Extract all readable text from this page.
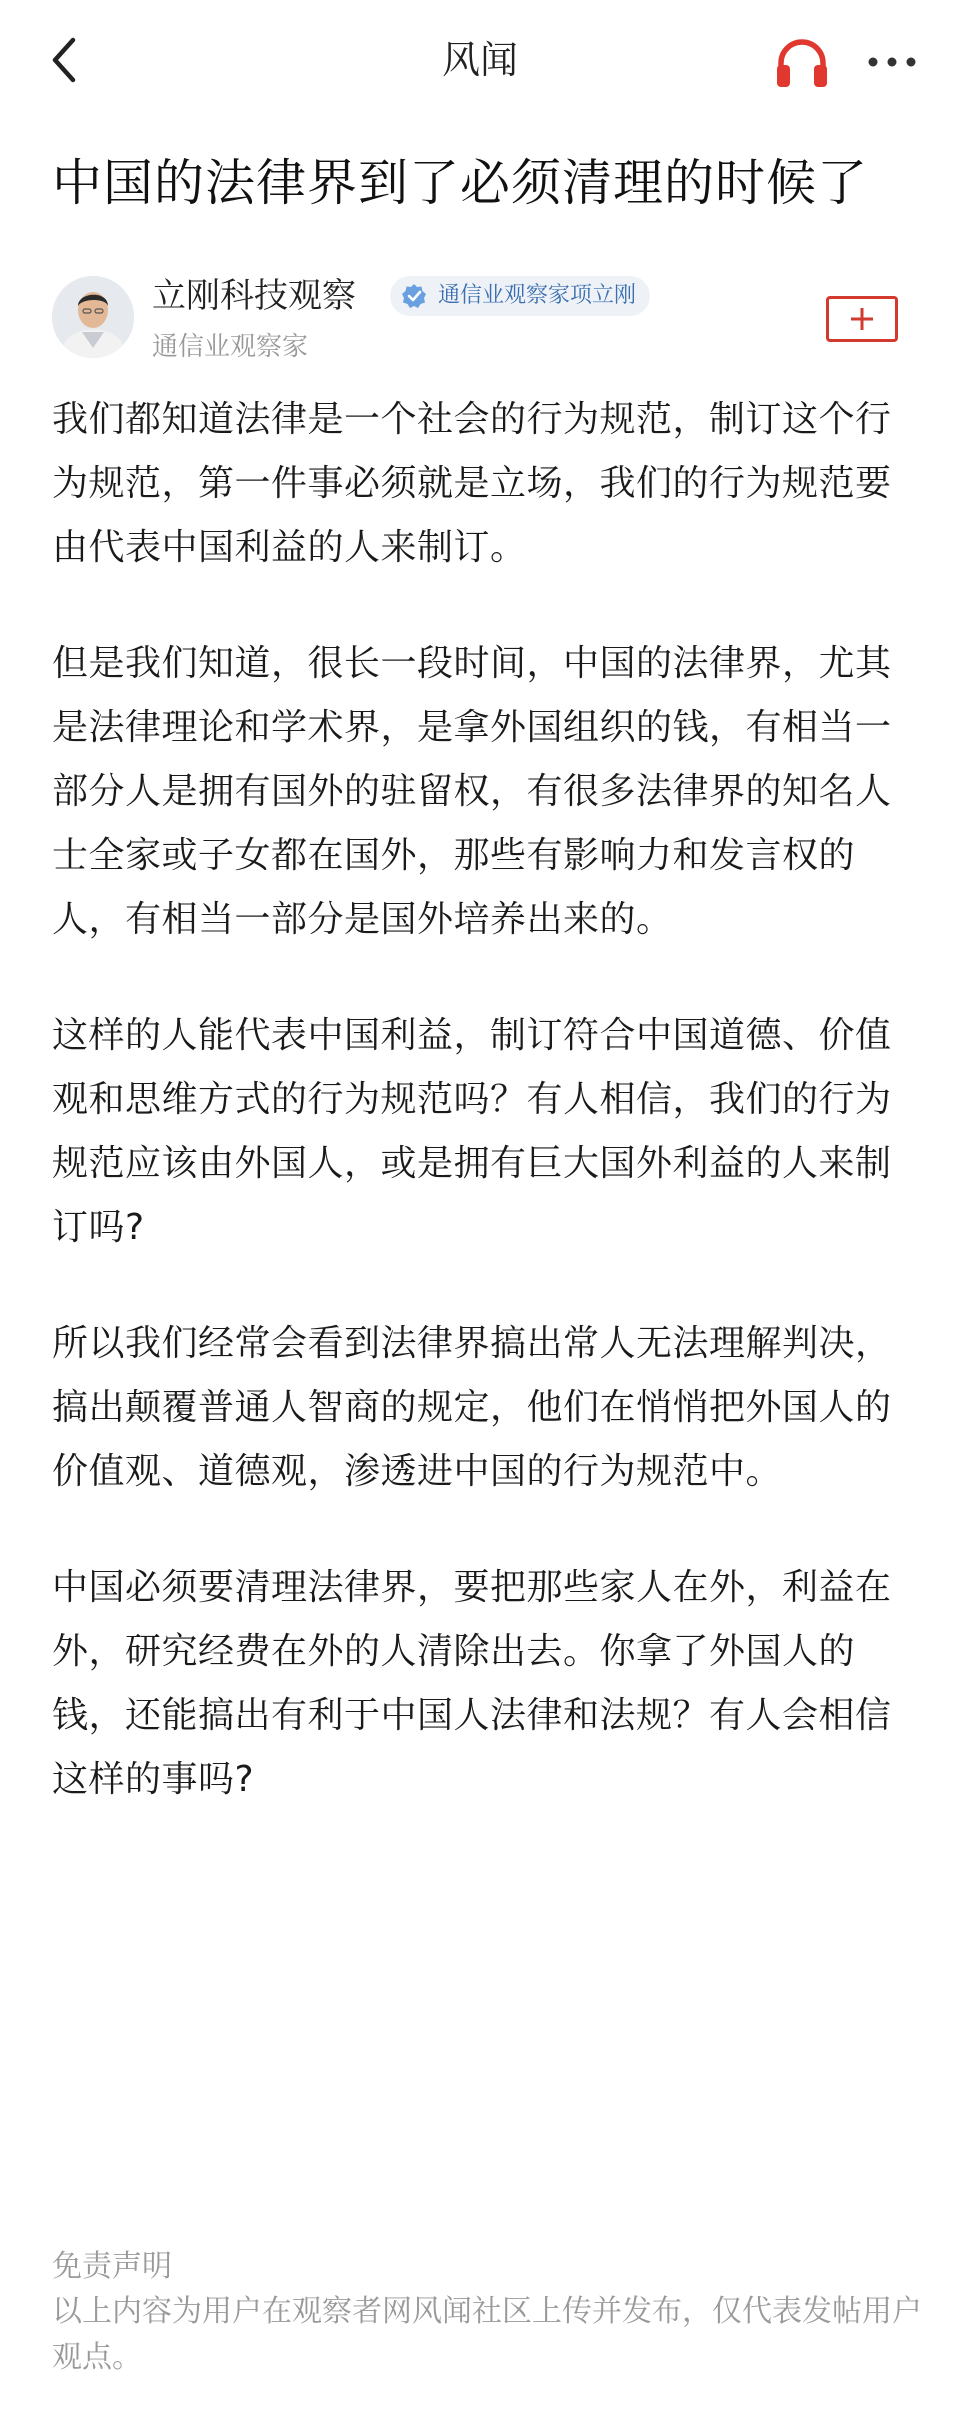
风闻
中国的法律界到了必须清理的时候了
立刚科技观察	通信业观察家项立刚
通信业观察家

我们都知道法律是一个社会的行为规范，制订这个行为规范，第一件事必须就是立场，我们的行为规范要由代表中国利益的人来制订。

但是我们知道，很长一段时间，中国的法律界，尤其是法律理论和学术界，是拿外国组织的钱，有相当一部分人是拥有国外的驻留权，有很多法律界的知名人士全家或子女都在国外，那些有影响力和发言权的人，有相当一部分是国外培养出来的。

这样的人能代表中国利益，制订符合中国道德、价值观和思维方式的行为规范吗？有人相信，我们的行为规范应该由外国人，或是拥有巨大国外利益的人来制订吗?

所以我们经常会看到法律界搞出常人无法理解判决，搞出颠覆普通人智商的规定，他们在悄悄把外国人的价值观、道德观，渗透进中国的行为规范中。

中国必须要清理法律界，要把那些家人在外，利益在外，研究经费在外的人清除出去。你拿了外国人的钱，还能搞出有利于中国人法律和法规？有人会相信这样的事吗?

免责声明
以上内容为用户在观察者网风闻社区上传并发布，仅代表发帖用户观点。
